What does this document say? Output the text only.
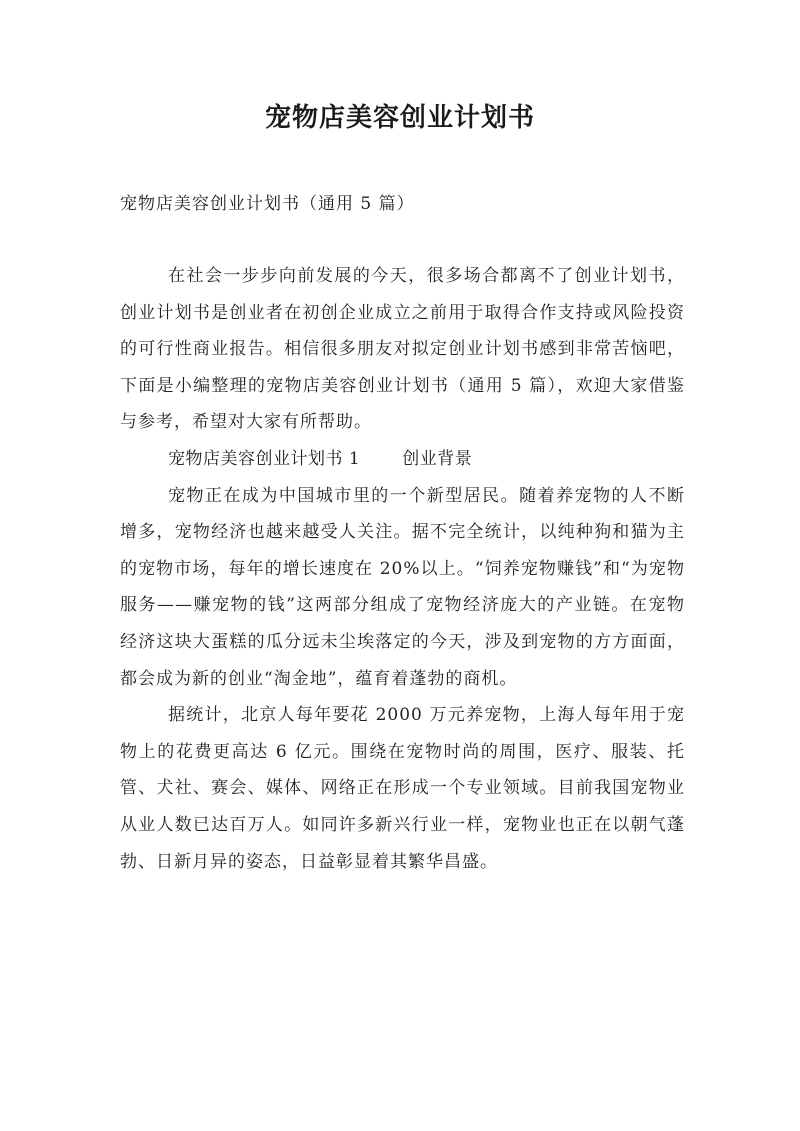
宠物店美容创业计划书
宠物店美容创业计划书（通用 5 篇）

在社会一步步向前发展的今天，很多场合都离不了创业计划书，创业计划书是创业者在初创企业成立之前用于取得合作支持或风险投资的可行性商业报告。相信很多朋友对拟定创业计划书感到非常苦恼吧，下面是小编整理的宠物店美容创业计划书（通用 5 篇），欢迎大家借鉴与参考，希望对大家有所帮助。

宠物店美容创业计划书 1 创业背景

宠物正在成为中国城市里的一个新型居民。随着养宠物的人不断增多，宠物经济也越来越受人关注。据不完全统计，以纯种狗和猫为主的宠物市场，每年的增长速度在 20%以上。“饲养宠物赚钱”和“为宠物服务——赚宠物的钱”这两部分组成了宠物经济庞大的产业链。在宠物经济这块大蛋糕的瓜分远未尘埃落定的今天，涉及到宠物的方方面面，都会成为新的创业“淘金地”，蕴育着蓬勃的商机。

据统计，北京人每年要花 2000 万元养宠物，上海人每年用于宠物上的花费更高达 6 亿元。围绕在宠物时尚的周围，医疗、服装、托管、犬社、赛会、媒体、网络正在形成一个专业领域。目前我国宠物业从业人数已达百万人。如同许多新兴行业一样，宠物业也正在以朝气蓬勃、日新月异的姿态，日益彰显着其繁华昌盛。
